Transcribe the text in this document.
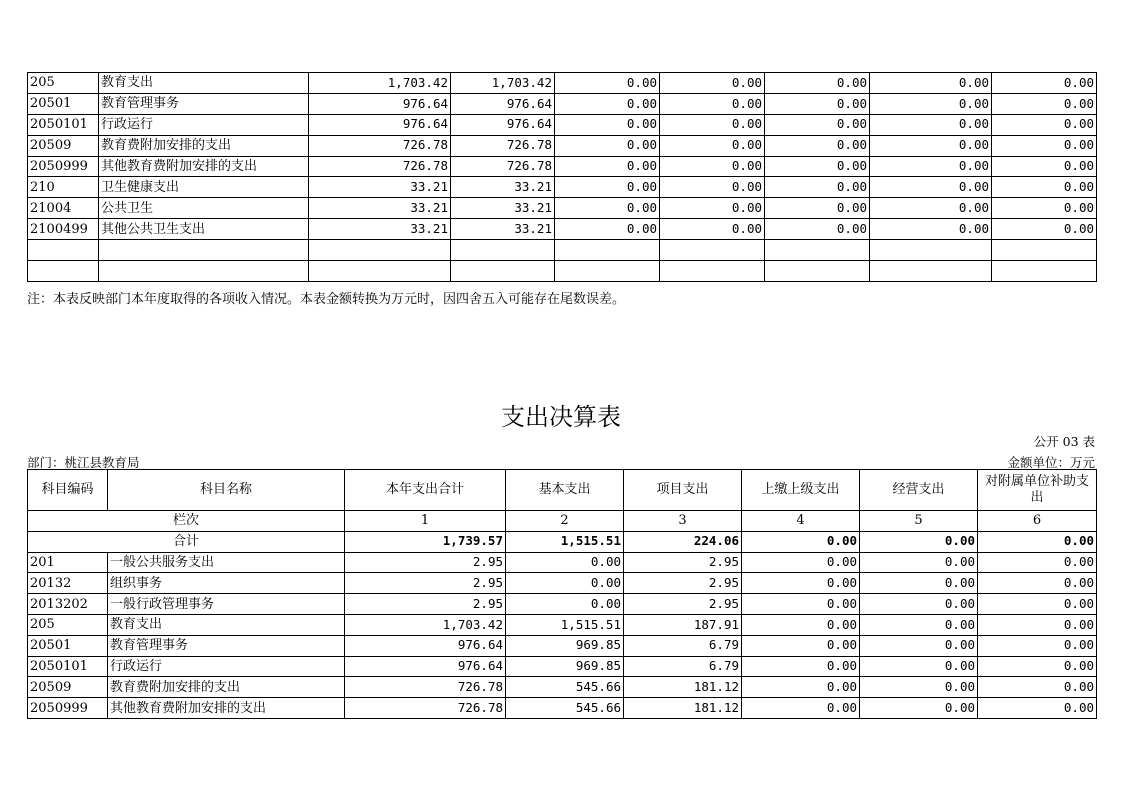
205	教育支出	1,703.42	1,703.42	0.00	0.00	0.00	0.00	0.00
20501	教育管理事务	976.64	976.64	0.00	0.00	0.00	0.00	0.00
2050101	行政运行	976.64	976.64	0.00	0.00	0.00	0.00	0.00
20509	教育费附加安排的支出	726.78	726.78	0.00	0.00	0.00	0.00	0.00
2050999	其他教育费附加安排的支出	726.78	726.78	0.00	0.00	0.00	0.00	0.00
210	卫生健康支出	33.21	33.21	0.00	0.00	0.00	0.00	0.00
21004	公共卫生	33.21	33.21	0.00	0.00	0.00	0.00	0.00
2100499	其他公共卫生支出	33.21	33.21	0.00	0.00	0.00	0.00	0.00

注：本表反映部门本年度取得的各项收入情况。本表金额转换为万元时，因四舍五入可能存在尾数误差。
支出决算表
公开 03 表
部门：桃江县教育局	金额单位：万元
科目编码	科目名称	本年支出合计	基本支出	项目支出	上缴上级支出	经营支出	对附属单位补助支出
栏次		1	2	3	4	5	6
合计		1,739.57	1,515.51	224.06	0.00	0.00	0.00
201	一般公共服务支出	2.95	0.00	2.95	0.00	0.00	0.00
20132	组织事务	2.95	0.00	2.95	0.00	0.00	0.00
2013202	一般行政管理事务	2.95	0.00	2.95	0.00	0.00	0.00
205	教育支出	1,703.42	1,515.51	187.91	0.00	0.00	0.00
20501	教育管理事务	976.64	969.85	6.79	0.00	0.00	0.00
2050101	行政运行	976.64	969.85	6.79	0.00	0.00	0.00
20509	教育费附加安排的支出	726.78	545.66	181.12	0.00	0.00	0.00
2050999	其他教育费附加安排的支出	726.78	545.66	181.12	0.00	0.00	0.00
